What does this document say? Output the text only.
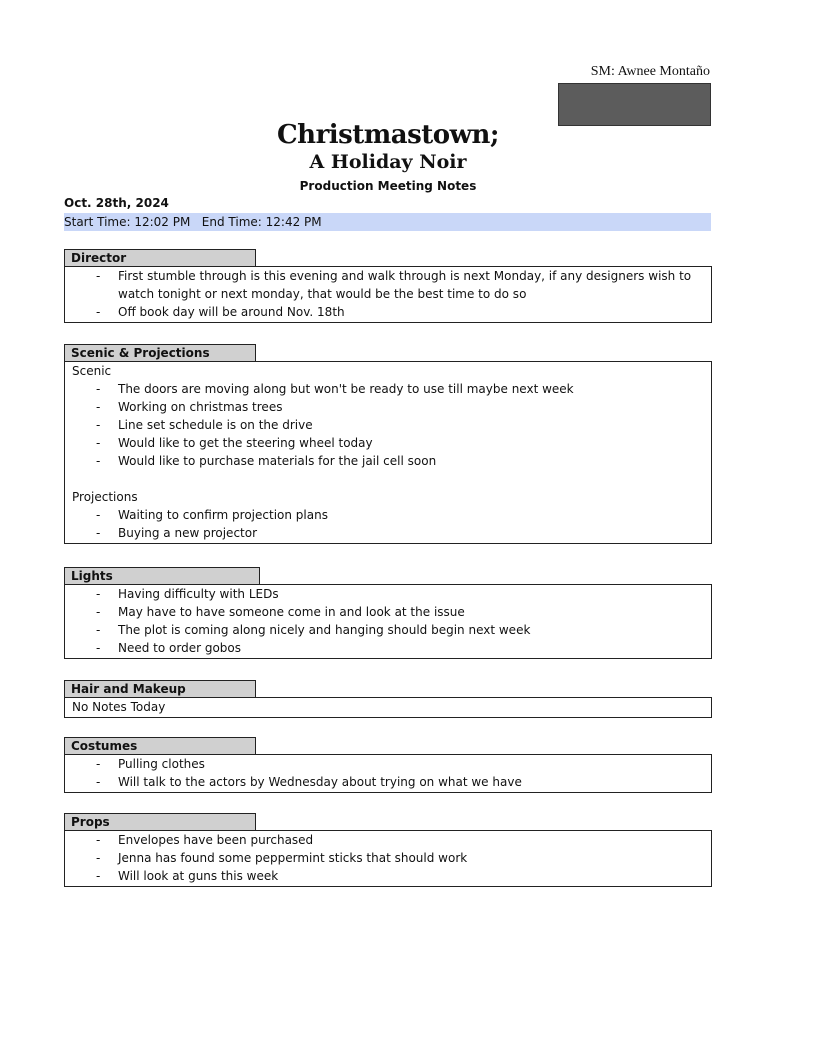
SM: Awnee Montaño
Christmastown;
A Holiday Noir
Production Meeting Notes
Oct. 28th, 2024
Start Time: 12:02 PM   End Time: 12:42 PM
Director
- First stumble through is this evening and walk through is next Monday, if any designers wish to watch tonight or next monday, that would be the best time to do so
- Off book day will be around Nov. 18th
Scenic & Projections
Scenic
- The doors are moving along but won't be ready to use till maybe next week
- Working on christmas trees
- Line set schedule is on the drive
- Would like to get the steering wheel today
- Would like to purchase materials for the jail cell soon
Projections
- Waiting to confirm projection plans
- Buying a new projector
Lights
- Having difficulty with LEDs
- May have to have someone come in and look at the issue
- The plot is coming along nicely and hanging should begin next week
- Need to order gobos
Hair and Makeup
No Notes Today
Costumes
- Pulling clothes
- Will talk to the actors by Wednesday about trying on what we have
Props
- Envelopes have been purchased
- Jenna has found some peppermint sticks that should work
- Will look at guns this week
